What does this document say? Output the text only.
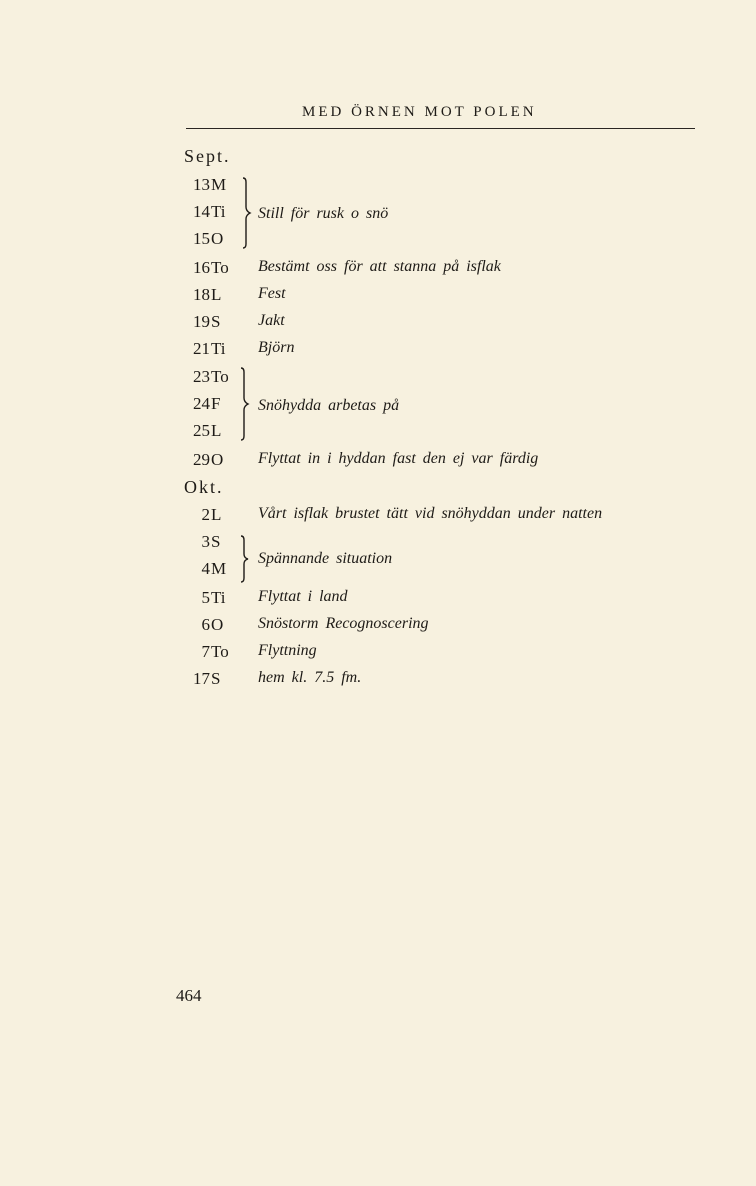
MED ÖRNEN MOT POLEN
Sept.
13 M
14 Ti
15 O
Still för rusk o snö
16 To Bestämt oss för att stanna på isflak
18 L Fest
19 S Jakt
21 Ti Björn
23 To
24 F
25 L
Snöhydda arbetas på
29 O Flyttat in i hyddan fast den ej var färdig
Okt.
2 L Vårt isflak brustet tätt vid snöhyddan under natten
3 S
4 M
Spännande situation
5 Ti Flyttat i land
6 O Snöstorm Recognoscering
7 To Flyttning
17 S hem kl. 7.5 fm.
464
